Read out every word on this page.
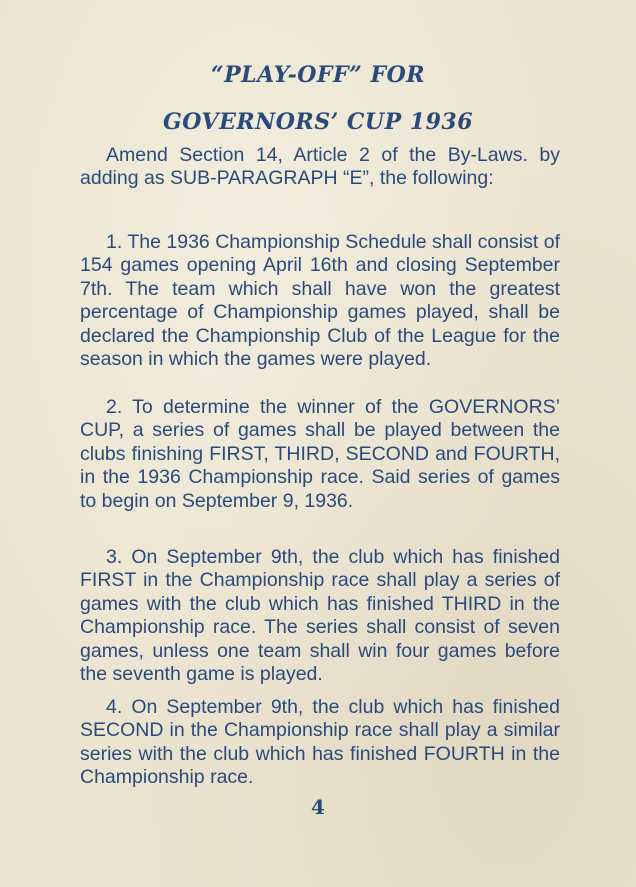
“PLAY-OFF” FOR
GOVERNORS’ CUP 1936

Amend Section 14, Article 2 of the By-Laws. by adding as SUB-PARAGRAPH “E”, the following:

1. The 1936 Championship Schedule shall consist of 154 games opening April 16th and closing September 7th. The team which shall have won the greatest percentage of Championship games played, shall be declared the Championship Club of the League for the season in which the games were played.

2. To determine the winner of the GOVERNORS’ CUP, a series of games shall be played between the clubs finishing FIRST, THIRD, SECOND and FOURTH, in the 1936 Championship race. Said series of games to begin on September 9, 1936.

3. On September 9th, the club which has finished FIRST in the Championship race shall play a series of games with the club which has finished THIRD in the Championship race. The series shall consist of seven games, unless one team shall win four games before the seventh game is played.

4. On September 9th, the club which has finished SECOND in the Championship race shall play a similar series with the club which has finished FOURTH in the Championship race.

4
